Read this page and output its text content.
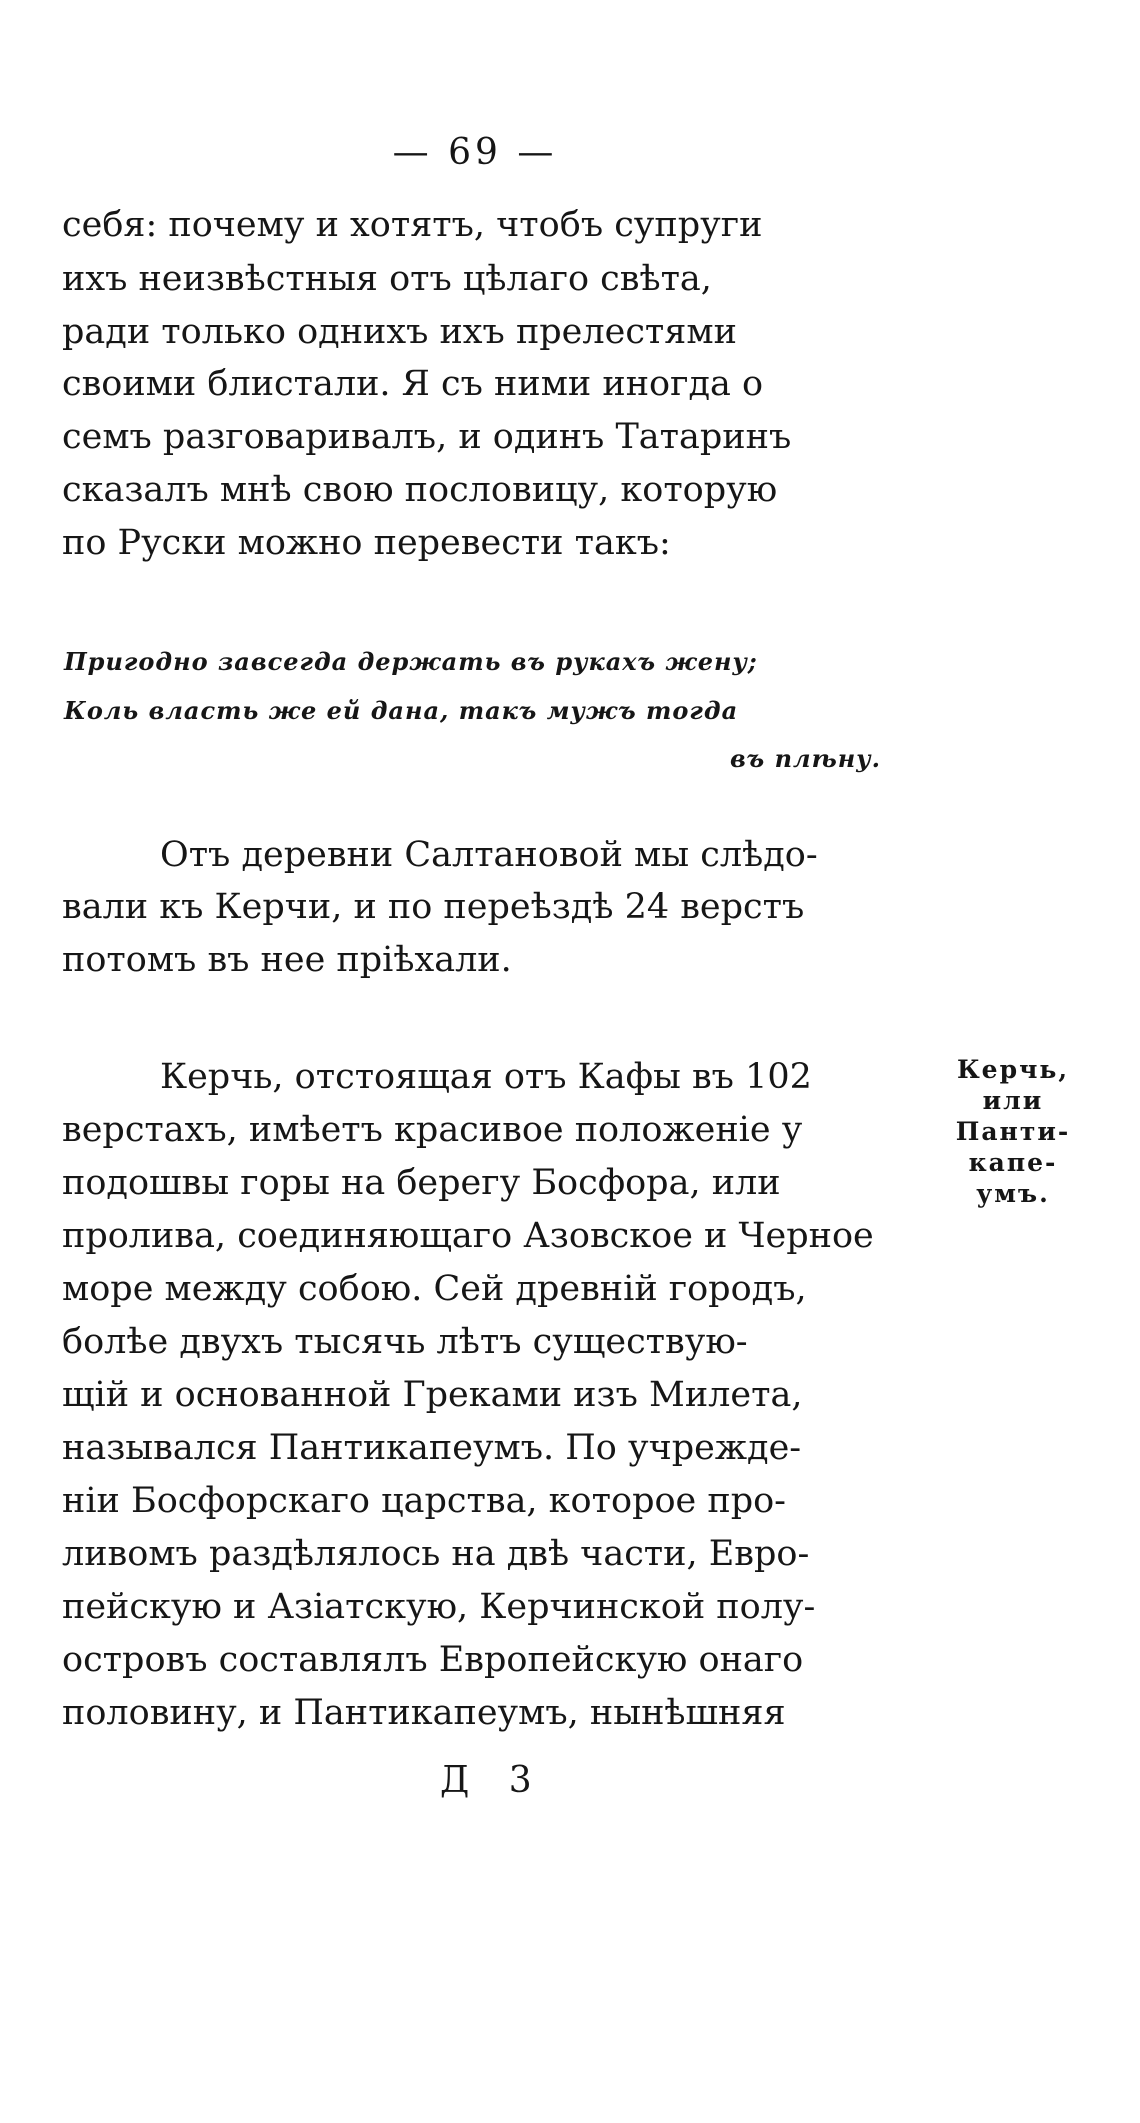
— 69 —
себя: почему и хотятъ, чтобъ супруги
ихъ неизвѣстныя отъ цѣлаго свѣта,
ради только однихъ ихъ прелестями
своими блистали. Я съ ними иногда о
семъ разговаривалъ, и одинъ Татаринъ
сказалъ мнѣ свою пословицу, которую
по Руски можно перевести такъ:
Пригодно завсегда держать въ рукахъ жену;
Коль власть же ей дана, такъ мужъ тогда
въ плѣну.
Отъ деревни Салтановой мы слѣдо-
вали къ Керчи, и по переѣздѣ 24 верстъ
потомъ въ нее пріѣхали.
Керчь, отстоящая отъ Кафы въ 102
верстахъ, имѣетъ красивое положеніе у
подошвы горы на берегу Босфора, или
пролива, соединяющаго Азовское и Черное
море между собою. Сей древній городъ,
болѣе двухъ тысячь лѣтъ существую-
щій и основанной Греками изъ Милета,
назывался Пантикапеумъ. По учрежде-
ніи Босфорскаго царства, которое про-
ливомъ раздѣлялось на двѣ части, Евро-
пейскую и Азіатскую, Керчинской полу-
островъ составлялъ Европейскую онаго
половину, и Пантикапеумъ, нынѣшняя
Керчь,
или
Панти-
капе-
умъ.
Д 3
